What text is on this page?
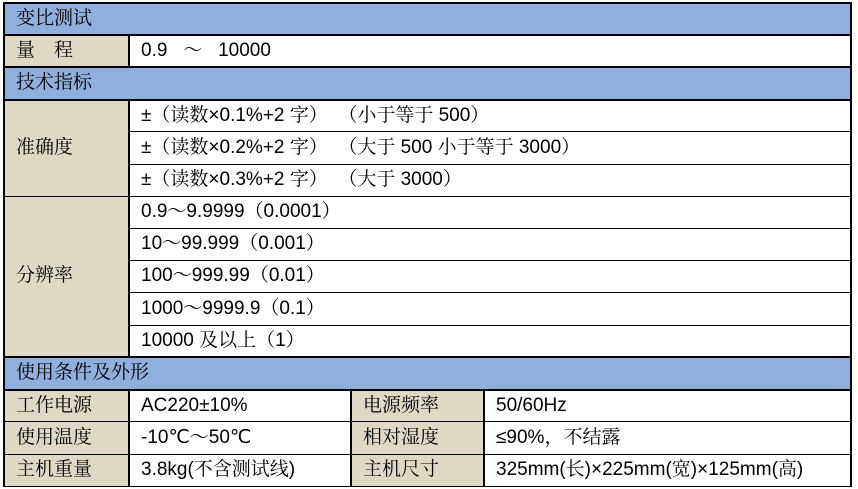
变比测试			
量　程	0.9   ～   10000		
技术指标			
准确度	±（读数×0.1%+2 字）  （小于等于 500）		
	±（读数×0.2%+2 字）  （大于 500 小于等于 3000）		
	±（读数×0.3%+2 字）  （大于 3000）		
分辨率	0.9～9.9999（0.0001）		
	10～99.999（0.001）		
	100～999.99（0.01）		
	1000～9999.9（0.1）		
	10000 及以上（1）		
使用条件及外形			
工作电源	AC220±10%	电源频率	50/60Hz
使用温度	-10℃～50℃	相对湿度	≤90%，不结露
主机重量	3.8kg(不含测试线)	主机尺寸	325mm(长)×225mm(宽)×125mm(高)
